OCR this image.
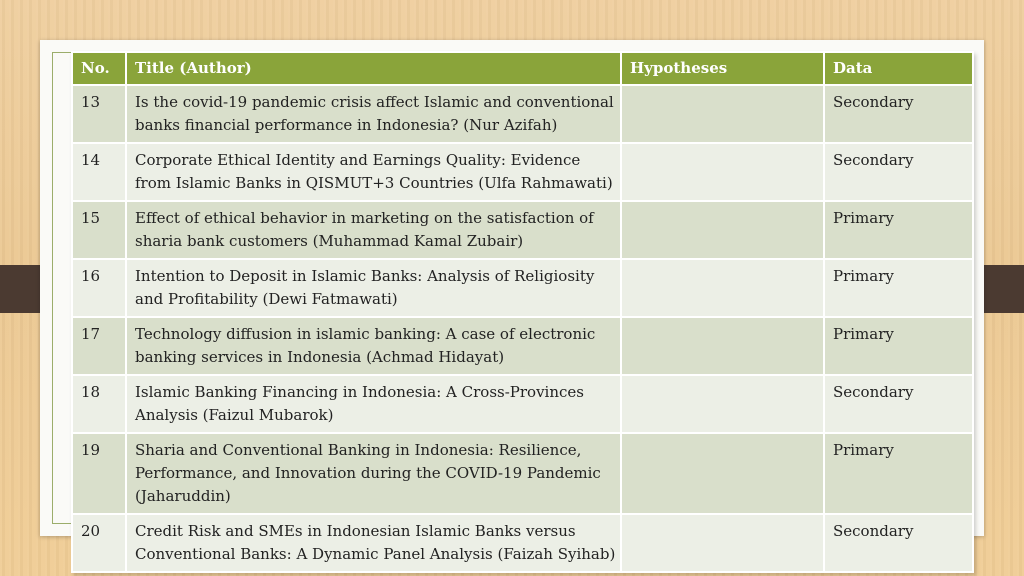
No.	Title (Author)	Hypotheses	Data
13	Is the covid-19 pandemic crisis affect Islamic and conventional banks financial performance in Indonesia? (Nur Azifah)		Secondary
14	Corporate Ethical Identity and Earnings Quality: Evidence from Islamic Banks in QISMUT+3 Countries (Ulfa Rahmawati)		Secondary
15	Effect of ethical behavior in marketing on the satisfaction of sharia bank customers (Muhammad Kamal Zubair)		Primary
16	Intention to Deposit in Islamic Banks: Analysis of Religiosity and Profitability (Dewi Fatmawati)		Primary
17	Technology diffusion in islamic banking: A case of electronic banking services in Indonesia (Achmad Hidayat)		Primary
18	Islamic Banking Financing in Indonesia: A Cross-Provinces Analysis (Faizul Mubarok)		Secondary
19	Sharia and Conventional Banking in Indonesia: Resilience, Performance, and Innovation during the COVID-19 Pandemic (Jaharuddin)		Primary
20	Credit Risk and SMEs in Indonesian Islamic Banks versus Conventional Banks: A Dynamic Panel Analysis (Faizah Syihab)		Secondary
